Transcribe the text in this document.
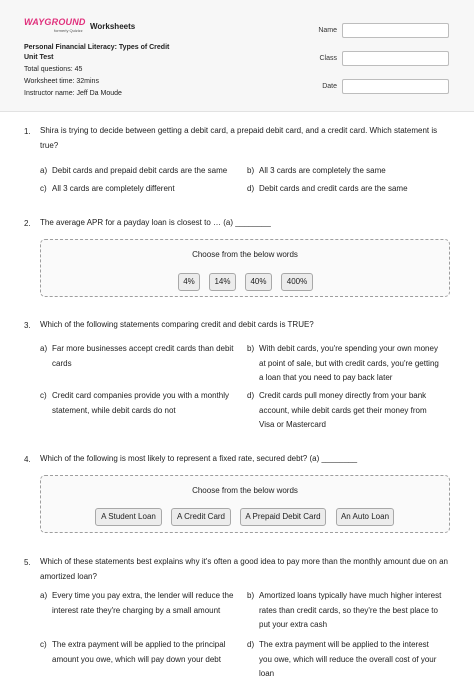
WAYGROUND
formerly Quizizz Worksheets
Personal Financial Literacy: Types of Credit
Unit Test
Total questions: 45
Worksheet time: 32mins
Instructor name: Jeff Da Moude
Name
Class
Date
1. Shira is trying to decide between getting a debit card, a prepaid debit card, and a credit card. Which statement is true?
a) Debit cards and prepaid debit cards are the same	b) All 3 cards are completely the same
c) All 3 cards are completely different	d) Debit cards and credit cards are the same
2. The average APR for a payday loan is closest to … (a) ________
Choose from the below words
4%	14%	40%	400%
3. Which of the following statements comparing credit and debit cards is TRUE?
a) Far more businesses accept credit cards than debit cards
b) With debit cards, you're spending your own money at point of sale, but with credit cards, you're getting a loan that you need to pay back later
c) Credit card companies provide you with a monthly statement, while debit cards do not
d) Credit cards pull money directly from your bank account, while debit cards get their money from Visa or Mastercard
4. Which of the following is most likely to represent a fixed rate, secured debt? (a) ________
Choose from the below words
A Student Loan	A Credit Card	A Prepaid Debit Card	An Auto Loan
5. Which of these statements best explains why it's often a good idea to pay more than the monthly amount due on an amortized loan?
a) Every time you pay extra, the lender will reduce the interest rate they're charging by a small amount
b) Amortized loans typically have much higher interest rates than credit cards, so they're the best place to put your extra cash
c) The extra payment will be applied to the principal amount you owe, which will pay down your debt
d) The extra payment will be applied to the interest you owe, which will reduce the overall cost of your loan
